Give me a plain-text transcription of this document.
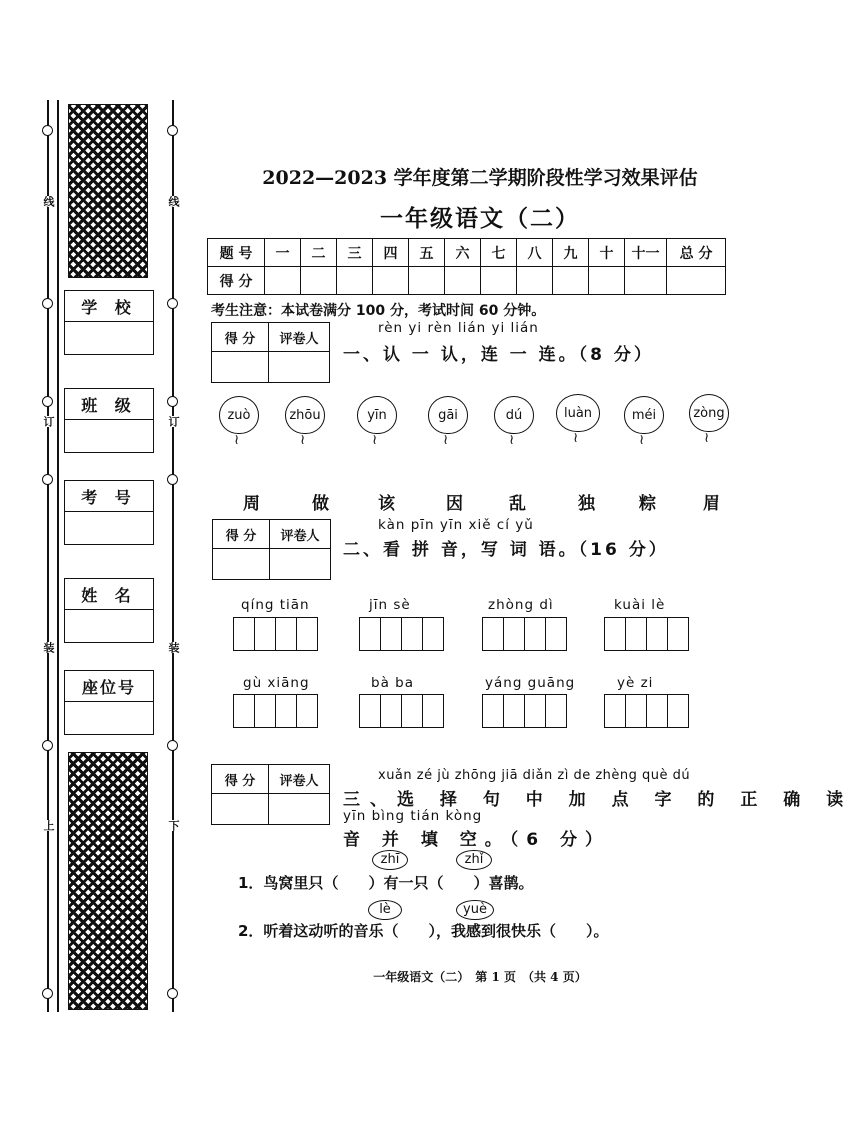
线
订
装
上
线
订
装
下
学 校
班 级
考 号
姓 名
座位号
2022—2023 学年度第二学期阶段性学习效果评估
一年级语文（二）
题 号	一	二	三	四	五	六	七	八	九	十	十一	总 分
得 分												
考生注意：本试卷满分 100 分，考试时间 60 分钟。
得 分	评卷人

rèn yi rèn lián yi lián
一、认 一 认，连 一 连。（8 分）
zuò
≀
zhōu
≀
yīn
≀
gāi
≀
dú
≀
luàn
≀
méi
≀
zòng
≀
周	做	该	因	乱	独	粽	眉
得 分	评卷人

kàn pīn yīn xiě cí yǔ
二、看 拼 音，写 词 语。（16 分）
qíng tiān	jīn sè	zhòng dì	kuài lè
gù xiāng	bà ba	yáng guāng	yè zi
得 分	评卷人
		xuǎn zé jù zhōng jiā diǎn zì de zhèng què dú
三、选 择 句 中 加 点 字 的 正 确 读
yīn bìng tián kòng
音 并 填 空。（6 分）
zhī	zhǐ
1．鸟窝里只（　　）有一只（　　）喜鹊。
lè	yuè
2．听着这动听的音乐（　　），我感到很快乐（　　）。
一年级语文（二）　第 1 页　（共 4 页）
